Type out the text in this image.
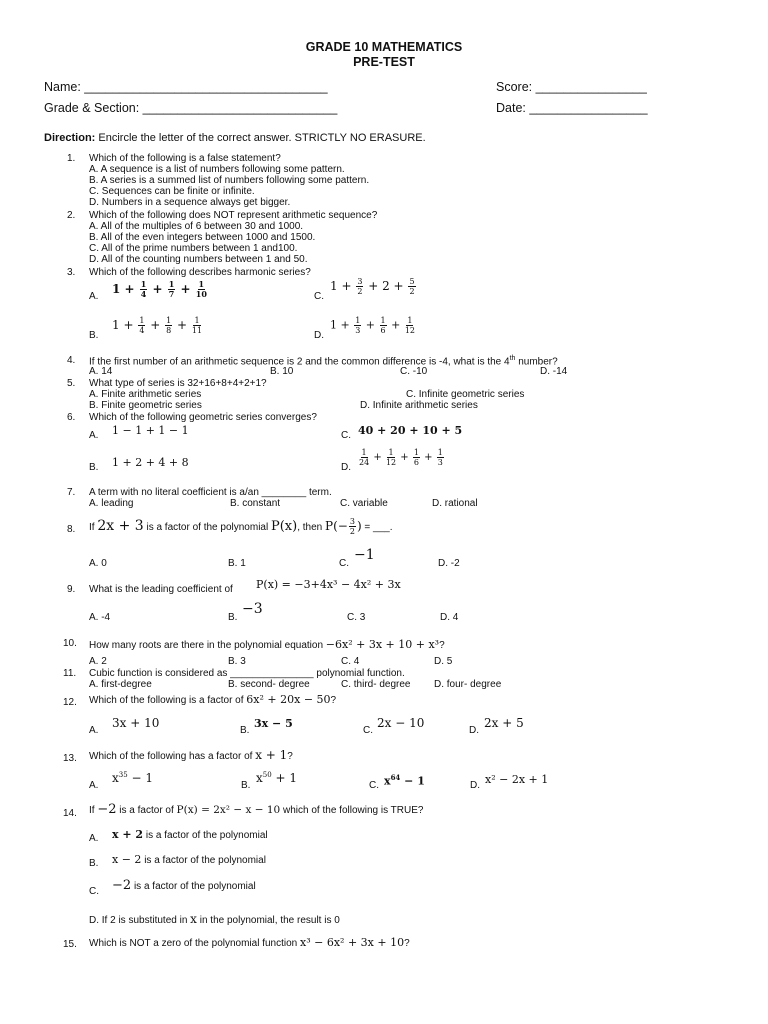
GRADE 10 MATHEMATICS
PRE-TEST
Name: ___________________________________	Score: ________________
Grade & Section: ____________________________	Date: _________________
Direction: Encircle the letter of the correct answer. STRICTLY NO ERASURE.
1. Which of the following is a false statement?
A. A sequence is a list of numbers following some pattern.
B. A series is a summed list of numbers following some pattern.
C. Sequences can be finite or infinite.
D. Numbers in a sequence always get bigger.
2. Which of the following does NOT represent arithmetic sequence?
A. All of the multiples of 6 between 30 and 1000.
B. All of the even integers between 1000 and 1500.
C. All of the prime numbers between 1 and100.
D. All of the counting numbers between 1 and 50.
3. Which of the following describes harmonic series?
A.
$1 + \frac{1}{4} + \frac{1}{7} + \frac{1}{10}$	C.
$1 + \frac{3}{2} + 2 + \frac{5}{2}$
B.
$1 + \frac{1}{4} + \frac{1}{8} + \frac{1}{11}$
D.
$1 + \frac{1}{3} + \frac{1}{6} + \frac{1}{12}$
4. If the first number of an arithmetic sequence is 2 and the common difference is -4, what is the 4th number?
A. 14	B. 10	C. -10	D. -14
5. What type of series is 32+16+8+4+2+1?
A. Finite arithmetic series	C. Infinite geometric series
B. Finite geometric series	D. Infinite arithmetic series
6. Which of the following geometric series converges?
A. 1 − 1 + 1 − 1	C. 40 + 20 + 10 + 5
B. 1 + 2 + 4 + 8	D.
$\frac{1}{24} + \frac{1}{12} + \frac{1}{6} + \frac{1}{3}$
7. A term with no literal coefficient is a/an ________ term.
A. leading	B. constant	C. variable	D. rational
8. If 2x + 3 is a factor of the polynomial P(x), then $P(- \frac{3}{2}$ ) = ___.
A. 0	B. 1	C.
−1
D. -2
9. What is the leading coefficient of P(x) = −3+4x³ − 4x² + 3x
A. -4	B.
−3
C. 3	D. 4
10. How many roots are there in the polynomial equation −6x² + 3x + 10 + x³?
A. 2	B. 3	C. 4	D. 5
11. Cubic function is considered as _______________ polynomial function.
A. first-degree	B. second- degree	C. third- degree D. four- degree
12. Which of the following is a factor of 6x² + 20x − 50?
A.
3x + 10
B.
3x − 5
C.
2x − 10
D.
2x + 5
13. Which of the following has a factor of x + 1?
A.
$x^{35} - 1$
B.
$x^{50} + 1$
C. $x^{64} - 1$	D. x² − 2x + 1
14. If −2 is a factor of P(x) = 2x² − x − 10 which of the following is TRUE?
A. x + 2 is a factor of the polynomial
B. x − 2 is a factor of the polynomial
C. −2 is a factor of the polynomial
D. If 2 is substituted in x in the polynomial, the result is 0
15. Which is NOT a zero of the polynomial function x³ − 6x² + 3x + 10?
